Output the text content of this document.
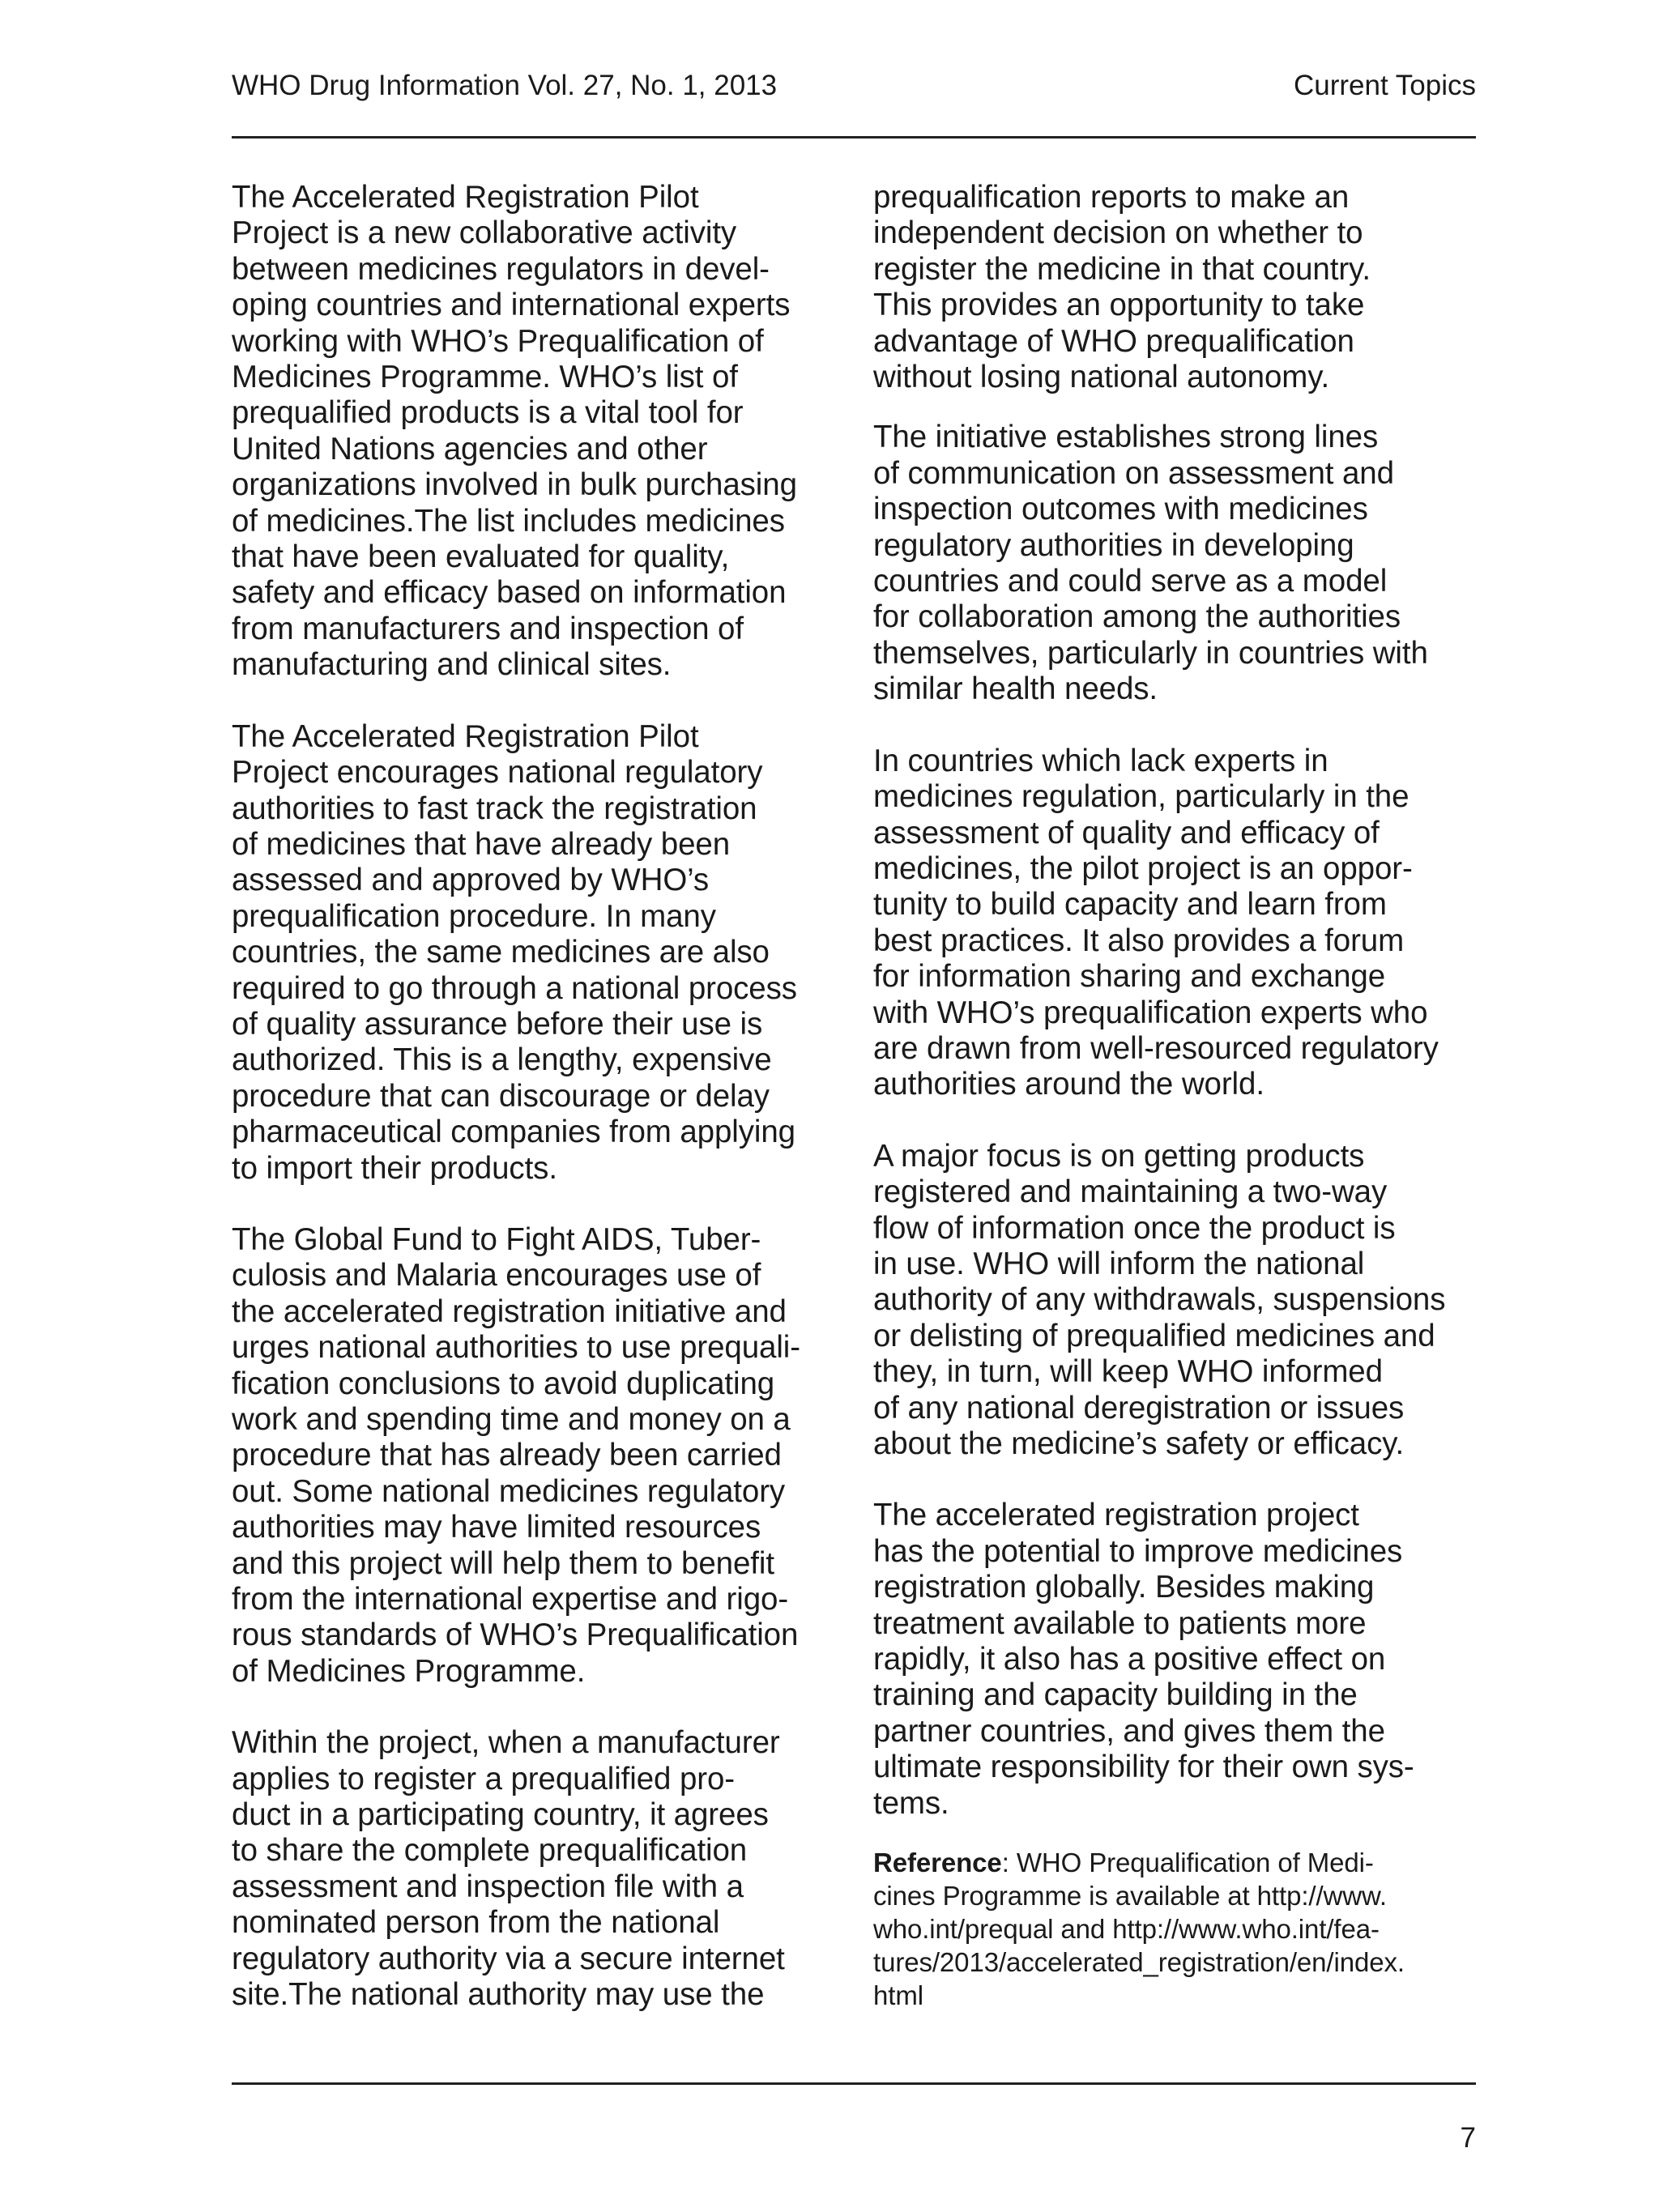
WHO Drug Information Vol. 27, No. 1, 2013	Current Topics

The Accelerated Registration Pilot
Project is a new collaborative activity
between medicines regulators in devel-
oping countries and international experts
working with WHO’s Prequalification of
Medicines Programme. WHO’s list of
prequalified products is a vital tool for
United Nations agencies and other
organizations involved in bulk purchasing
of medicines.The list includes medicines
that have been evaluated for quality,
safety and efficacy based on information
from manufacturers and inspection of
manufacturing and clinical sites.

The Accelerated Registration Pilot
Project encourages national regulatory
authorities to fast track the registration
of medicines that have already been
assessed and approved by WHO’s
prequalification procedure. In many
countries, the same medicines are also
required to go through a national process
of quality assurance before their use is
authorized. This is a lengthy, expensive
procedure that can discourage or delay
pharmaceutical companies from applying
to import their products.

The Global Fund to Fight AIDS, Tuber-
culosis and Malaria encourages use of
the accelerated registration initiative and
urges national authorities to use prequali-
fication conclusions to avoid duplicating
work and spending time and money on a
procedure that has already been carried
out. Some national medicines regulatory
authorities may have limited resources
and this project will help them to benefit
from the international expertise and rigo-
rous standards of WHO’s Prequalification
of Medicines Programme.

Within the project, when a manufacturer
applies to register a prequalified pro-
duct in a participating country, it agrees
to share the complete prequalification
assessment and inspection file with a
nominated person from the national
regulatory authority via a secure internet
site.The national authority may use the

prequalification reports to make an
independent decision on whether to
register the medicine in that country.
This provides an opportunity to take
advantage of WHO prequalification
without losing national autonomy.

The initiative establishes strong lines
of communication on assessment and
inspection outcomes with medicines
regulatory authorities in developing
countries and could serve as a model
for collaboration among the authorities
themselves, particularly in countries with
similar health needs.

In countries which lack experts in
medicines regulation, particularly in the
assessment of quality and efficacy of
medicines, the pilot project is an oppor-
tunity to build capacity and learn from
best practices. It also provides a forum
for information sharing and exchange
with WHO’s prequalification experts who
are drawn from well-resourced regulatory
authorities around the world.

A major focus is on getting products
registered and maintaining a two-way
flow of information once the product is
in use. WHO will inform the national
authority of any withdrawals, suspensions
or delisting of prequalified medicines and
they, in turn, will keep WHO informed
of any national deregistration or issues
about the medicine’s safety or efficacy.

The accelerated registration project
has the potential to improve medicines
registration globally. Besides making
treatment available to patients more
rapidly, it also has a positive effect on
training and capacity building in the
partner countries, and gives them the
ultimate responsibility for their own sys-
tems.

Reference: WHO Prequalification of Medi-
cines Programme is available at http://www.
who.int/prequal and http://www.who.int/fea-
tures/2013/accelerated_registration/en/index.
html

7
